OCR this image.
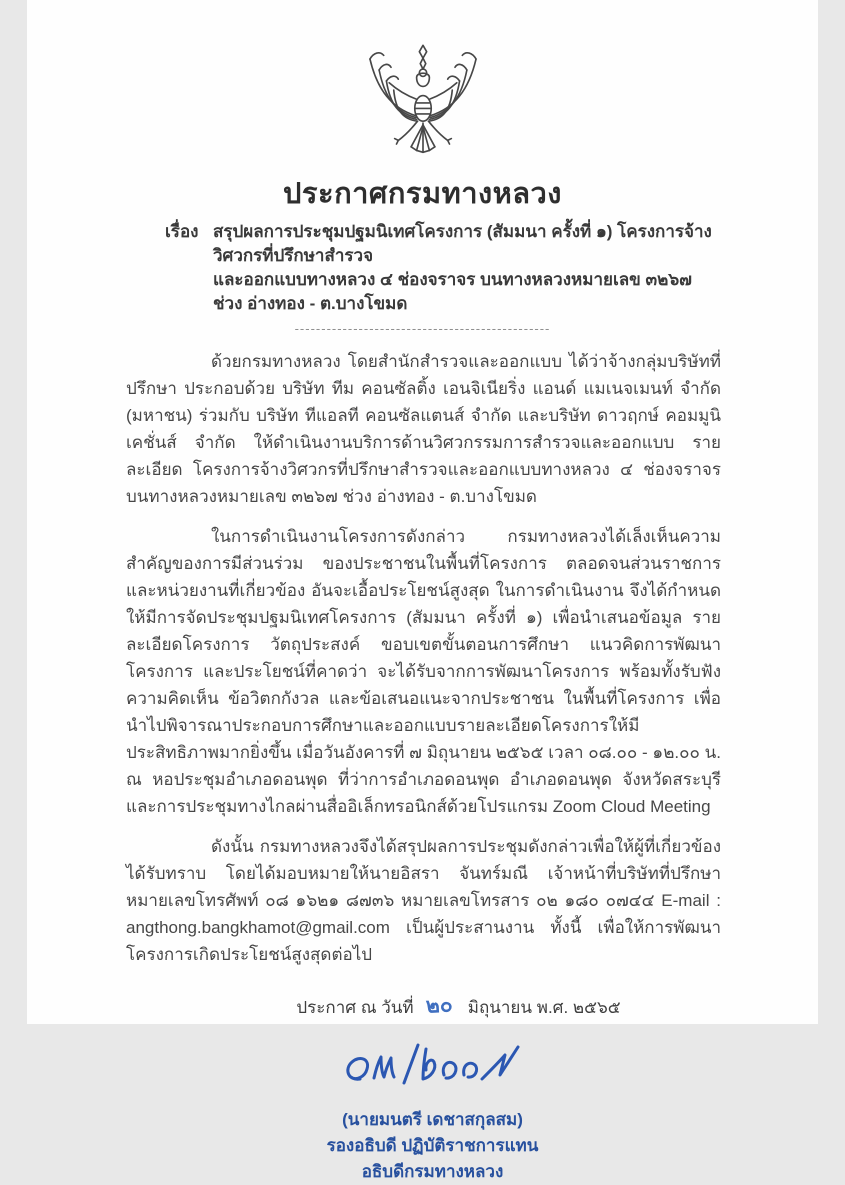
ประกาศกรมทางหลวง
เรื่อง สรุปผลการประชุมปฐมนิเทศโครงการ (สัมมนา ครั้งที่ ๑) โครงการจ้างวิศวกรที่ปรึกษาสำรวจ
และออกแบบทางหลวง ๔ ช่องจราจร บนทางหลวงหมายเลข ๓๒๖๗ ช่วง อ่างทอง - ต.บางโขมด
------------------------------------------------

ด้วยกรมทางหลวง โดยสำนักสำรวจและออกแบบ ได้ว่าจ้างกลุ่มบริษัทที่ปรึกษา ประกอบด้วย บริษัท ทีม คอนซัลติ้ง เอนจิเนียริ่ง แอนด์ แมเนจเมนท์ จำกัด (มหาชน) ร่วมกับ บริษัท ทีแอลที คอนซัลแตนส์ จำกัด และบริษัท ดาวฤกษ์ คอมมูนิเคชั่นส์ จำกัด ให้ดำเนินงานบริการด้านวิศวกรรมการสำรวจและออกแบบ รายละเอียด โครงการจ้างวิศวกรที่ปรึกษาสำรวจและออกแบบทางหลวง ๔ ช่องจราจร บนทางหลวงหมายเลข ๓๒๖๗ ช่วง อ่างทอง - ต.บางโขมด

ในการดำเนินงานโครงการดังกล่าว กรมทางหลวงได้เล็งเห็นความสำคัญของการมีส่วนร่วม ของประชาชนในพื้นที่โครงการ ตลอดจนส่วนราชการและหน่วยงานที่เกี่ยวข้อง อันจะเอื้อประโยชน์สูงสุด ในการดำเนินงาน จึงได้กำหนดให้มีการจัดประชุมปฐมนิเทศโครงการ (สัมมนา ครั้งที่ ๑) เพื่อนำเสนอข้อมูล รายละเอียดโครงการ วัตถุประสงค์ ขอบเขตขั้นตอนการศึกษา แนวคิดการพัฒนาโครงการ และประโยชน์ที่คาดว่า จะได้รับจากการพัฒนาโครงการ พร้อมทั้งรับฟังความคิดเห็น ข้อวิตกกังวล และข้อเสนอแนะจากประชาชน ในพื้นที่โครงการ เพื่อนำไปพิจารณาประกอบการศึกษาและออกแบบรายละเอียดโครงการให้มีประสิทธิภาพมากยิ่งขึ้น เมื่อวันอังคารที่ ๗ มิถุนายน ๒๕๖๕ เวลา ๐๘.๐๐ - ๑๒.๐๐ น. ณ หอประชุมอำเภอดอนพุด ที่ว่าการอำเภอดอนพุด อำเภอดอนพุด จังหวัดสระบุรี และการประชุมทางไกลผ่านสื่ออิเล็กทรอนิกส์ด้วยโปรแกรม Zoom Cloud Meeting

ดังนั้น กรมทางหลวงจึงได้สรุปผลการประชุมดังกล่าวเพื่อให้ผู้ที่เกี่ยวข้องได้รับทราบ โดยได้มอบหมายให้นายอิสรา จันทร์มณี เจ้าหน้าที่บริษัทที่ปรึกษา หมายเลขโทรศัพท์ ๐๘ ๑๖๒๑ ๘๗๓๖ หมายเลขโทรสาร ๐๒ ๑๘๐ ๐๗๔๔ E-mail : angthong.bangkhamot@gmail.com เป็นผู้ประสานงาน ทั้งนี้ เพื่อให้การพัฒนาโครงการเกิดประโยชน์สูงสุดต่อไป

ประกาศ ณ วันที่ ๒๐ มิถุนายน พ.ศ. ๒๕๖๕
(นายมนตรี เดชาสกุลสม)
รองอธิบดี ปฏิบัติราชการแทน
อธิบดีกรมทางหลวง
